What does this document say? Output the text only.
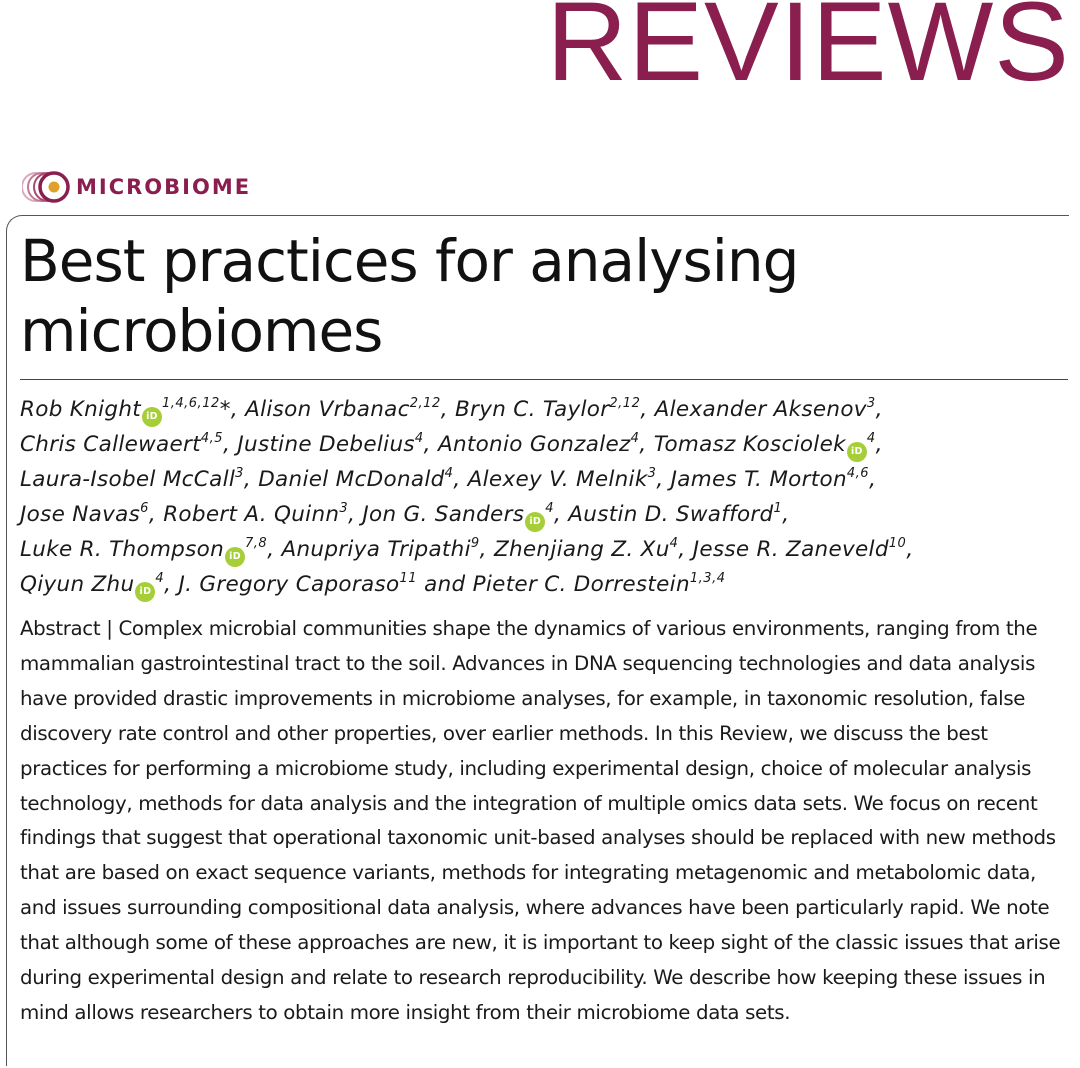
REVIEWS
MICROBIOME
Best practices for analysing
microbiomes
Rob Knight iD$^{1,4,6,12}$*, Alison Vrbanac$^{2,12}$, Bryn C. Taylor$^{2,12}$, Alexander Aksenov$^3$,
Chris Callewaert$^{4,5}$, Justine Debelius$^4$, Antonio Gonzalez$^4$, Tomasz Kosciolek $iD^4$,
Laura-Isobel McCall$^3$, Daniel McDonald$^4$, Alexey V. Melnik$^3$, James T. Morton$^{4,6}$,
Jose Navas$^6$, Robert A. Quinn$^3$, Jon G. Sanders $iD^4$, Austin D. Swafford$^1$,
Luke R. Thompson iD$^{7,8}$, Anupriya Tripathi$^9$, Zhenjiang Z. Xu$^4$, Jesse R. Zaneveld$^{10}$,
Qiyun Zhu $iD^4$, J. Gregory Caporaso$^{11}$ and Pieter C. Dorrestein$^{1,3,4}$

Abstract | Complex microbial communities shape the dynamics of various environments, ranging from the mammalian gastrointestinal tract to the soil. Advances in DNA sequencing technologies and data analysis have provided drastic improvements in microbiome analyses, for example, in taxonomic resolution, false discovery rate control and other properties, over earlier methods. In this Review, we discuss the best practices for performing a microbiome study, including experimental design, choice of molecular analysis technology, methods for data analysis and the integration of multiple omics data sets. We focus on recent findings that suggest that operational taxonomic unit-based analyses should be replaced with new methods that are based on exact sequence variants, methods for integrating metagenomic and metabolomic data, and issues surrounding compositional data analysis, where advances have been particularly rapid. We note that although some of these approaches are new, it is important to keep sight of the classic issues that arise during experimental design and relate to research reproducibility. We describe how keeping these issues in mind allows researchers to obtain more insight from their microbiome data sets.
